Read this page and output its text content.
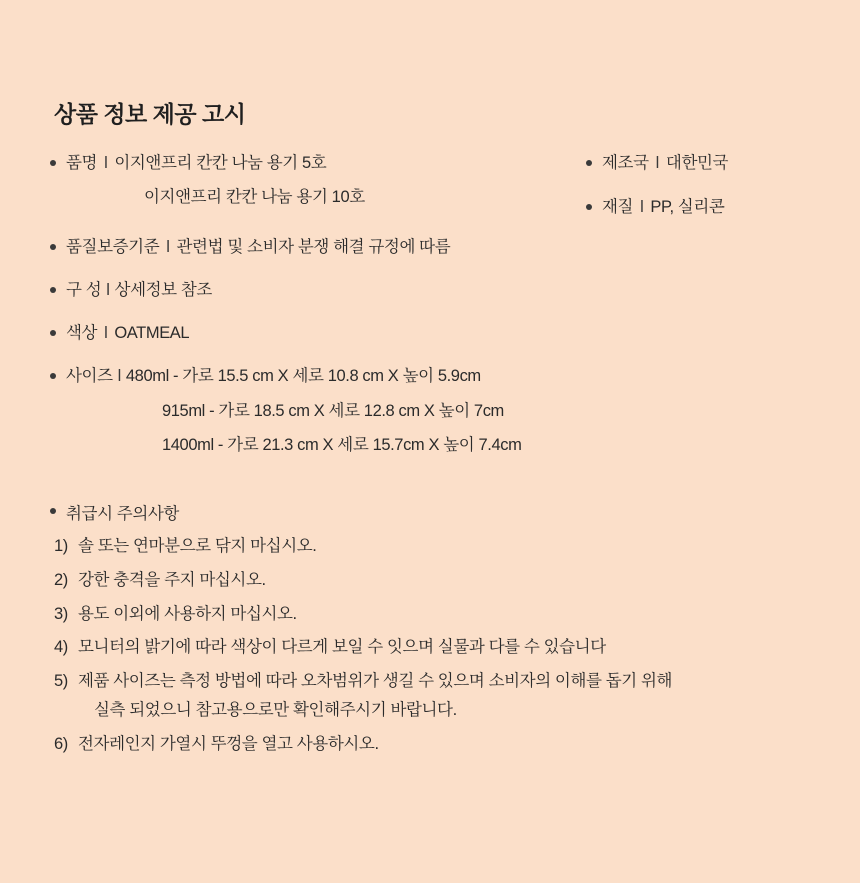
상품 정보 제공 고시
품명 l 이지앤프리 칸칸 나눔 용기 5호
이지앤프리 칸칸 나눔 용기 10호
품질보증기준 l 관련법 및 소비자 분쟁 해결 규정에 따름
구 성 l 상세정보 참조
색상 l OATMEAL
사이즈 l 480ml - 가로 15.5 cm X 세로 10.8 cm X 높이 5.9cm
915ml - 가로 18.5 cm X 세로 12.8 cm X 높이 7cm
1400ml - 가로 21.3 cm X 세로 15.7cm X 높이 7.4cm
제조국 l 대한민국
재질 l PP, 실리콘
취급시 주의사항
1) 솔 또는 연마분으로 닦지 마십시오.
2) 강한 충격을 주지 마십시오.
3) 용도 이외에 사용하지 마십시오.
4) 모니터의 밝기에 따라 색상이 다르게 보일 수 잇으며 실물과 다를 수 있습니다
5) 제품 사이즈는 측정 방법에 따라 오차범위가 생길 수 있으며 소비자의 이해를 돕기 위해
실측 되었으니 참고용으로만 확인해주시기 바랍니다.
6) 전자레인지 가열시 뚜껑을 열고 사용하시오.
